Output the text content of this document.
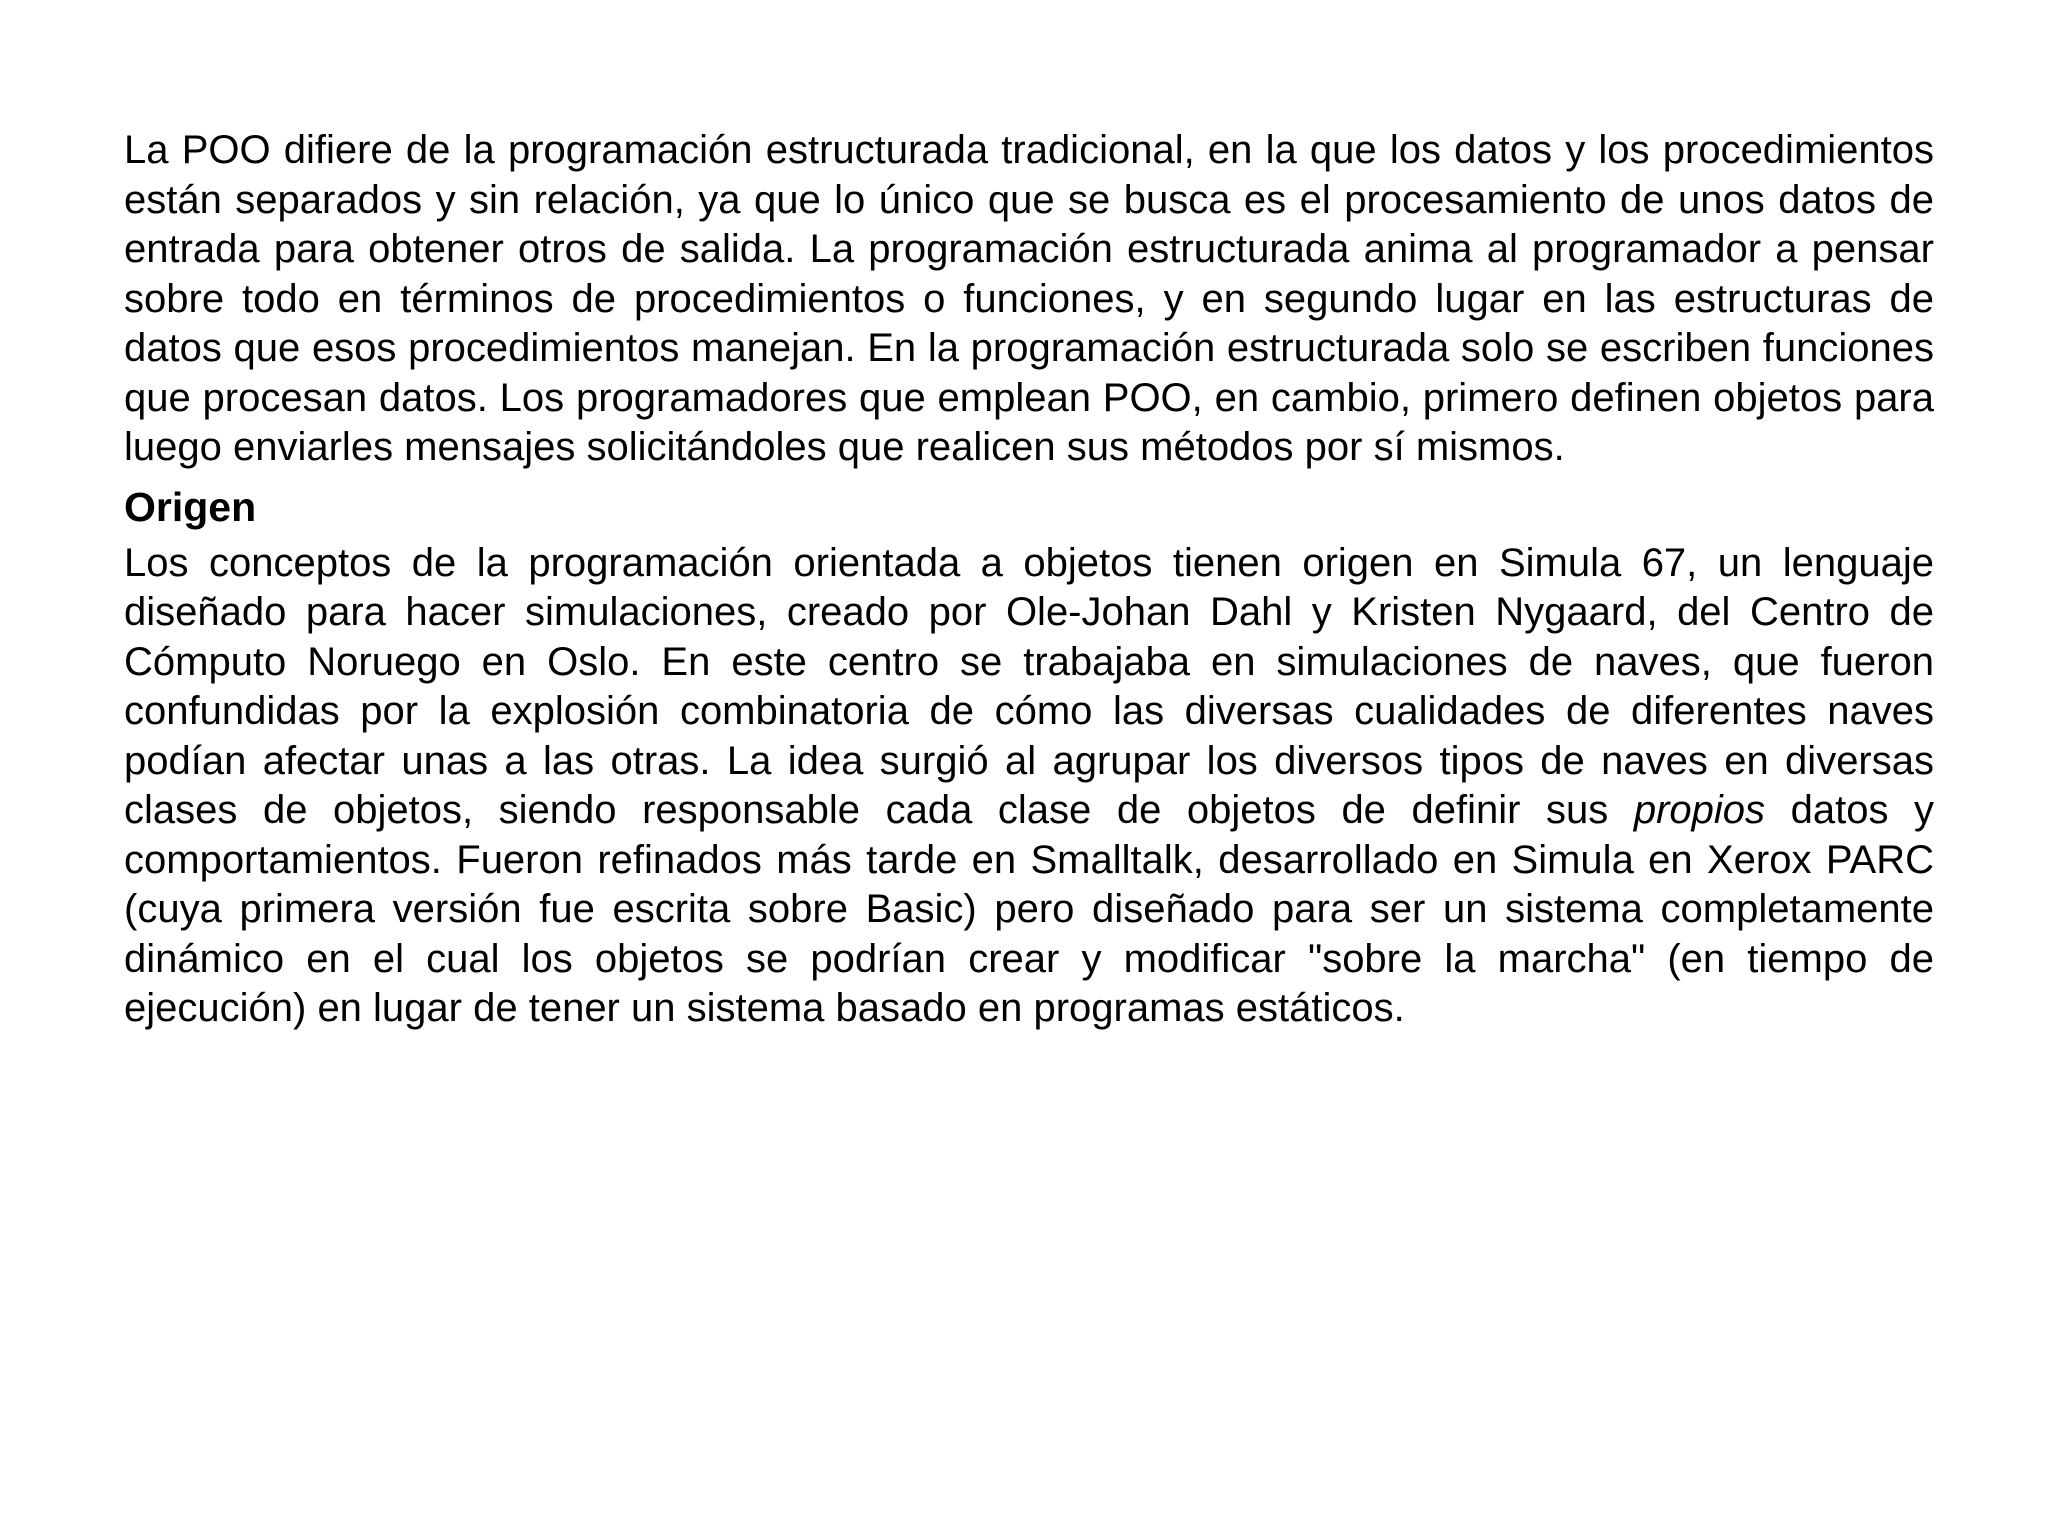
La POO difiere de la programación estructurada tradicional, en la que los datos y los procedimientos están separados y sin relación, ya que lo único que se busca es el procesamiento de unos datos de entrada para obtener otros de salida. La programación estructurada anima al programador a pensar sobre todo en términos de procedimientos o funciones, y en segundo lugar en las estructuras de datos que esos procedimientos manejan. En la programación estructurada solo se escriben funciones que procesan datos. Los programadores que emplean POO, en cambio, primero definen objetos para luego enviarles mensajes solicitándoles que realicen sus métodos por sí mismos.

Origen

Los conceptos de la programación orientada a objetos tienen origen en Simula 67, un lenguaje diseñado para hacer simulaciones, creado por Ole-Johan Dahl y Kristen Nygaard, del Centro de Cómputo Noruego en Oslo. En este centro se trabajaba en simulaciones de naves, que fueron confundidas por la explosión combinatoria de cómo las diversas cualidades de diferentes naves podían afectar unas a las otras. La idea surgió al agrupar los diversos tipos de naves en diversas clases de objetos, siendo responsable cada clase de objetos de definir sus propios datos y comportamientos. Fueron refinados más tarde en Smalltalk, desarrollado en Simula en Xerox PARC (cuya primera versión fue escrita sobre Basic) pero diseñado para ser un sistema completamente dinámico en el cual los objetos se podrían crear y modificar "sobre la marcha" (en tiempo de ejecución) en lugar de tener un sistema basado en programas estáticos.
